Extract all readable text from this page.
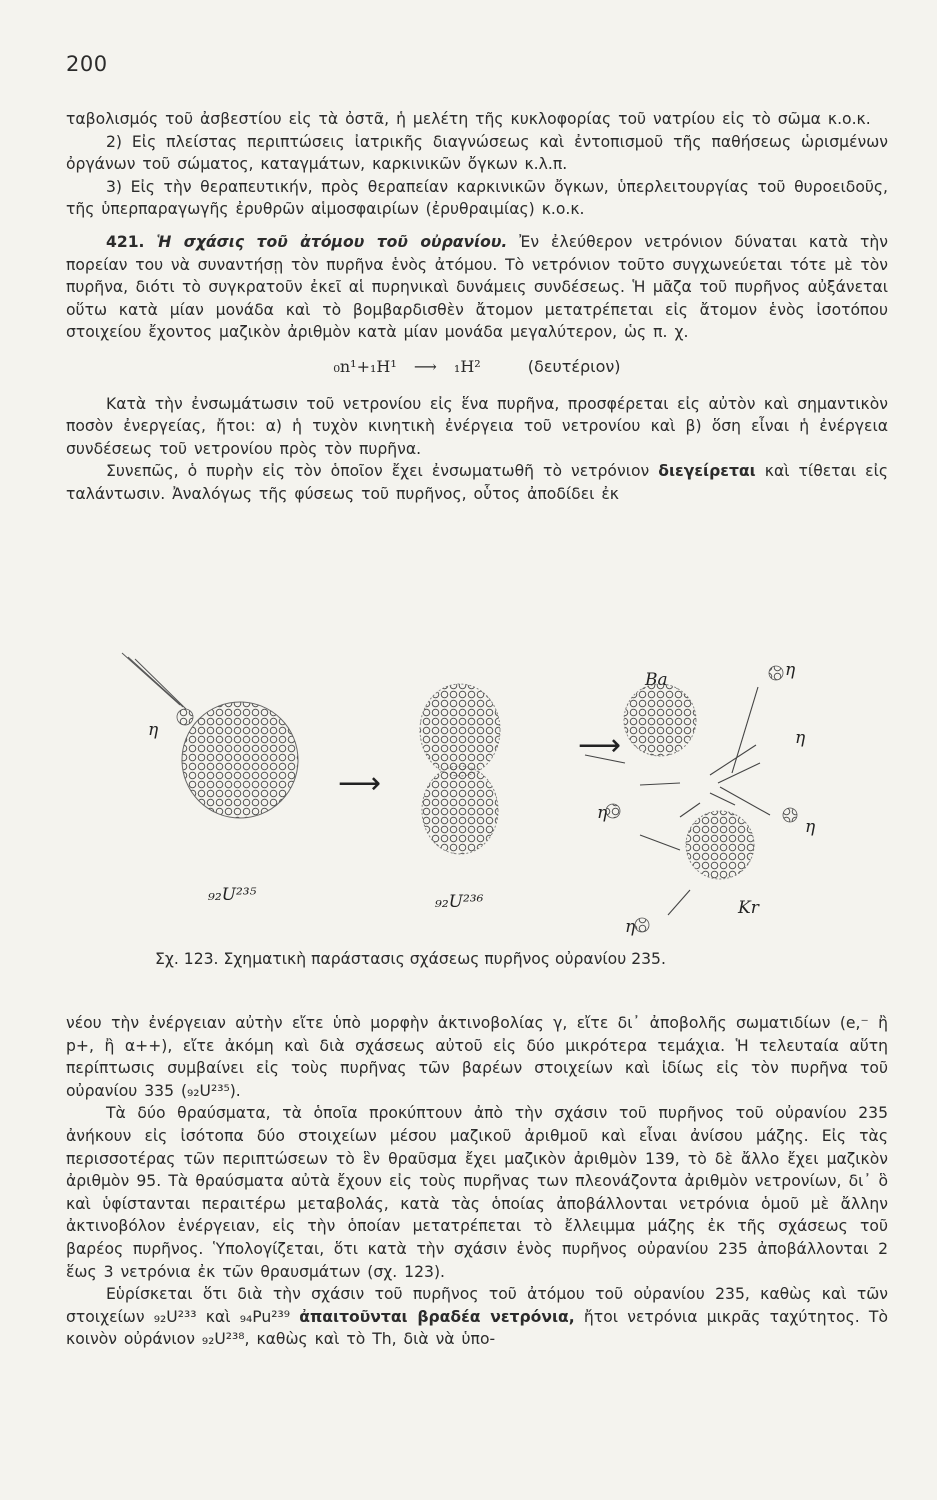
200

ταβολισμός τοῦ ἀσβεστίου εἰς τὰ ὀστᾶ, ἡ μελέτη τῆς κυκλοφορίας τοῦ νατρίου εἰς τὸ σῶμα κ.ο.κ.

2) Εἰς πλείστας περιπτώσεις ἰατρικῆς διαγνώσεως καὶ ἐντοπισμοῦ τῆς παθήσεως ὡρισμένων ὀργάνων τοῦ σώματος, καταγμάτων, καρκινικῶν ὄγκων κ.λ.π.

3) Εἰς τὴν θεραπευτικήν, πρὸς θεραπείαν καρκινικῶν ὄγκων, ὑπερλειτουργίας τοῦ θυροειδοῦς, τῆς ὑπερπαραγωγῆς ἐρυθρῶν αἱμοσφαιρίων (ἐρυθραιμίας) κ.ο.κ.

421. Ἡ σχάσις τοῦ ἀτόμου τοῦ οὐρανίου. Ἐν ἐλεύθερον νετρόνιον δύναται κατὰ τὴν πορείαν του νὰ συναντήσῃ τὸν πυρῆνα ἑνὸς ἀτόμου. Τὸ νετρόνιον τοῦτο συγχωνεύεται τότε μὲ τὸν πυρῆνα, διότι τὸ συγκρατοῦν ἐκεῖ αἱ πυρηνικαὶ δυνάμεις συνδέσεως. Ἡ μᾶζα τοῦ πυρῆνος αὐξάνεται οὕτω κατὰ μίαν μονάδα καὶ τὸ βομβαρδισθὲν ἄτομον μετατρέπεται εἰς ἄτομον ἑνὸς ἰσοτόπου στοιχείου ἔχοντος μαζικὸν ἀριθμὸν κατὰ μίαν μονάδα μεγαλύτερον, ὡς π. χ.

₀n¹+₁H¹ ⟶ ₁H²	(δευτέριον)

Κατὰ τὴν ἐνσωμάτωσιν τοῦ νετρονίου εἰς ἕνα πυρῆνα, προσφέρεται εἰς αὐτὸν καὶ σημαντικὸν ποσὸν ἐνεργείας, ἤτοι: α) ἡ τυχὸν κινητικὴ ἐνέργεια τοῦ νετρονίου καὶ β) ὅση εἶναι ἡ ἐνέργεια συνδέσεως τοῦ νετρονίου πρὸς τὸν πυρῆνα.

Συνεπῶς, ὁ πυρὴν εἰς τὸν ὁποῖον ἔχει ἐνσωματωθῆ τὸ νετρόνιον διεγείρεται καὶ τίθεται εἰς ταλάντωσιν. Ἀναλόγως τῆς φύσεως τοῦ πυρῆνος, οὗτος ἀποδίδει ἐκ

η
₉₂U²³⁵
⟶
₉₂U²³⁶
⟶
Ba
Kr
η
η
η
η
η
Σχ. 123. Σχηματικὴ παράστασις σχάσεως πυρῆνος οὐρανίου 235.

νέου τὴν ἐνέργειαν αὐτὴν εἴτε ὑπὸ μορφὴν ἀκτινοβολίας γ, εἴτε δι᾿ ἀποβολῆς σωματιδίων (e,⁻ ἢ p+, ἢ α++), εἴτε ἀκόμη καὶ διὰ σχάσεως αὐτοῦ εἰς δύο μικρότερα τεμάχια. Ἡ τελευταία αὕτη περίπτωσις συμβαίνει εἰς τοὺς πυρῆνας τῶν βαρέων στοιχείων καὶ ἰδίως εἰς τὸν πυρῆνα τοῦ οὐρανίου 335 (₉₂U²³⁵).

Τὰ δύο θραύσματα, τὰ ὁποῖα προκύπτουν ἀπὸ τὴν σχάσιν τοῦ πυρῆνος τοῦ οὐρανίου 235 ἀνήκουν εἰς ἰσότοπα δύο στοιχείων μέσου μαζικοῦ ἀριθμοῦ καὶ εἶναι ἀνίσου μάζης. Εἰς τὰς περισσοτέρας τῶν περιπτώσεων τὸ ἓν θραῦσμα ἔχει μαζικὸν ἀριθμὸν 139, τὸ δὲ ἄλλο ἔχει μαζικὸν ἀριθμὸν 95. Τὰ θραύσματα αὐτὰ ἔχουν εἰς τοὺς πυρῆνας των πλεονάζοντα ἀριθμὸν νετρονίων, δι᾿ ὃ καὶ ὑφίστανται περαιτέρω μεταβολάς, κατὰ τὰς ὁποίας ἀποβάλλονται νετρόνια ὁμοῦ μὲ ἄλλην ἀκτινοβόλον ἐνέργειαν, εἰς τὴν ὁποίαν μετατρέπεται τὸ ἔλλειμμα μάζης ἐκ τῆς σχάσεως τοῦ βαρέος πυρῆνος. Ὑπολογίζεται, ὅτι κατὰ τὴν σχάσιν ἑνὸς πυρῆνος οὐρανίου 235 ἀποβάλλονται 2 ἕως 3 νετρόνια ἐκ τῶν θραυσμάτων (σχ. 123).

Εὑρίσκεται ὅτι διὰ τὴν σχάσιν τοῦ πυρῆνος τοῦ ἀτόμου τοῦ οὐρανίου 235, καθὼς καὶ τῶν στοιχείων ₉₂U²³³ καὶ ₉₄Pu²³⁹ ἀπαιτοῦνται βραδέα νετρόνια, ἤτοι νετρόνια μικρᾶς ταχύτητος. Τὸ κοινὸν οὐράνιον ₉₂U²³⁸, καθὼς καὶ τὸ Th, διὰ νὰ ὑπο-
